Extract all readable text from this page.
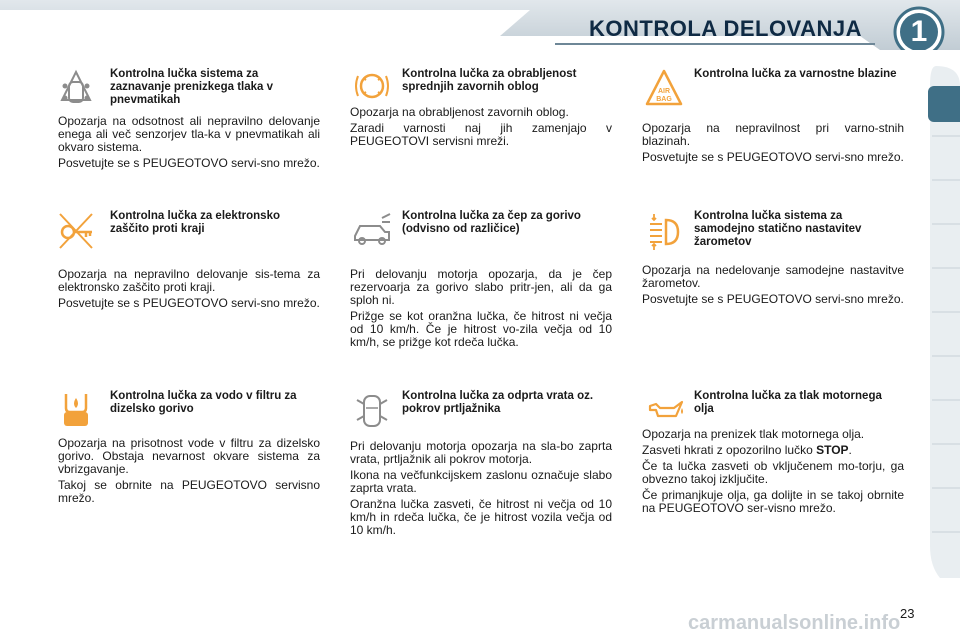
KONTROLA DELOVANJA	1
Kontrolna lučka sistema za zaznavanje prenizkega tlaka v pnevmatikah

Opozarja na odsotnost ali nepravilno delovanje enega ali več senzorjev tla-ka v pnevmatikah ali okvaro sistema.

Posvetujte se s PEUGEOTOVO servi-sno mrežo.

Kontrolna lučka za obrabljenost sprednjih zavornih oblog

Opozarja na obrabljenost zavornih oblog.

Zaradi varnosti naj jih zamenjajo v PEUGEOTOVI servisni mreži.

AIR
BAG
Kontrolna lučka za varnostne blazine

Opozarja na nepravilnost pri varno-stnih blazinah.

Posvetujte se s PEUGEOTOVO servi-sno mrežo.

Kontrolna lučka za elektronsko zaščito proti kraji

Opozarja na nepravilno delovanje sis-tema za elektronsko zaščito proti kraji.

Posvetujte se s PEUGEOTOVO servi-sno mrežo.

Kontrolna lučka za čep za gorivo (odvisno od različice)

Pri delovanju motorja opozarja, da je čep rezervoarja za gorivo slabo pritr-jen, ali da ga sploh ni.

Prižge se kot oranžna lučka, če hitrost ni večja od 10 km/h. Če je hitrost vo-zila večja od 10 km/h, se prižge kot rdeča lučka.

Kontrolna lučka sistema za samodejno statično nastavitev žarometov

Opozarja na nedelovanje samodejne nastavitve žarometov.

Posvetujte se s PEUGEOTOVO servi-sno mrežo.

Kontrolna lučka za vodo v filtru za dizelsko gorivo

Opozarja na prisotnost vode v filtru za dizelsko gorivo. Obstaja nevarnost okvare sistema za vbrizgavanje.

Takoj se obrnite na PEUGEOTOVO servisno mrežo.

Kontrolna lučka za odprta vrata oz. pokrov prtljažnika

Pri delovanju motorja opozarja na sla-bo zaprta vrata, prtljažnik ali pokrov motorja.

Ikona na večfunkcijskem zaslonu označuje slabo zaprta vrata.

Oranžna lučka zasveti, če hitrost ni večja od 10 km/h in rdeča lučka, če je hitrost vozila večja od 10 km/h.

Kontrolna lučka za tlak motornega olja

Opozarja na prenizek tlak motornega olja.

Zasveti hkrati z opozorilno lučko STOP.

Če ta lučka zasveti ob vključenem mo-torju, ga obvezno takoj izključite.

Če primanjkuje olja, ga dolijte in se takoj obrnite na PEUGEOTOVO ser-visno mrežo.

23
carmanualsonline.info
